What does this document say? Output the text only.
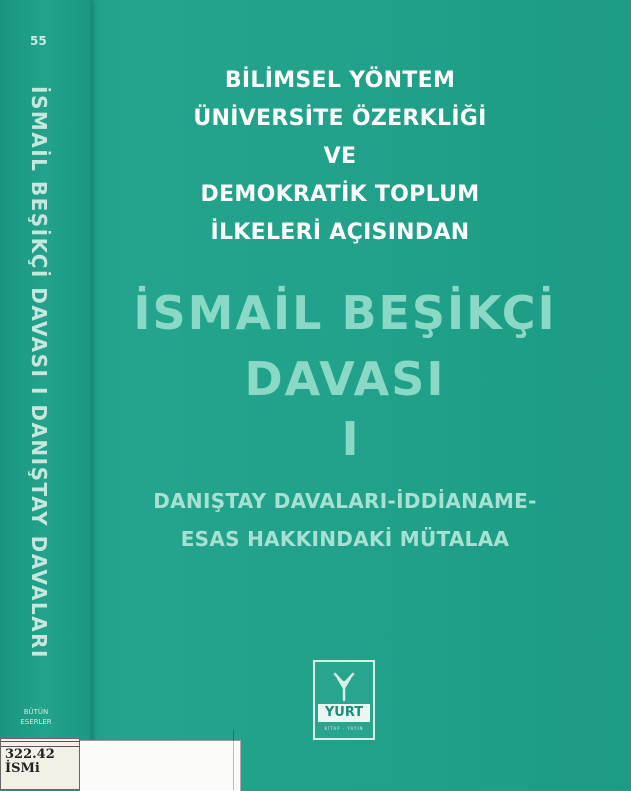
55
İSMAİL BEŞİKÇİ DAVASI I DANIŞTAY DAVALARI
BÜTÜN
ESERLER
BİLİMSEL YÖNTEM
ÜNİVERSİTE ÖZERKLİĞİ
VE
DEMOKRATİK TOPLUM
İLKELERİ AÇISINDAN
İSMAİL BEŞİKÇİ
DAVASI
I
DANIŞTAY DAVALARI-İDDİANAME-
ESAS HAKKINDAKİ MÜTALAA
YURT
KİTAP · YAYIN
322.42
İSMi
